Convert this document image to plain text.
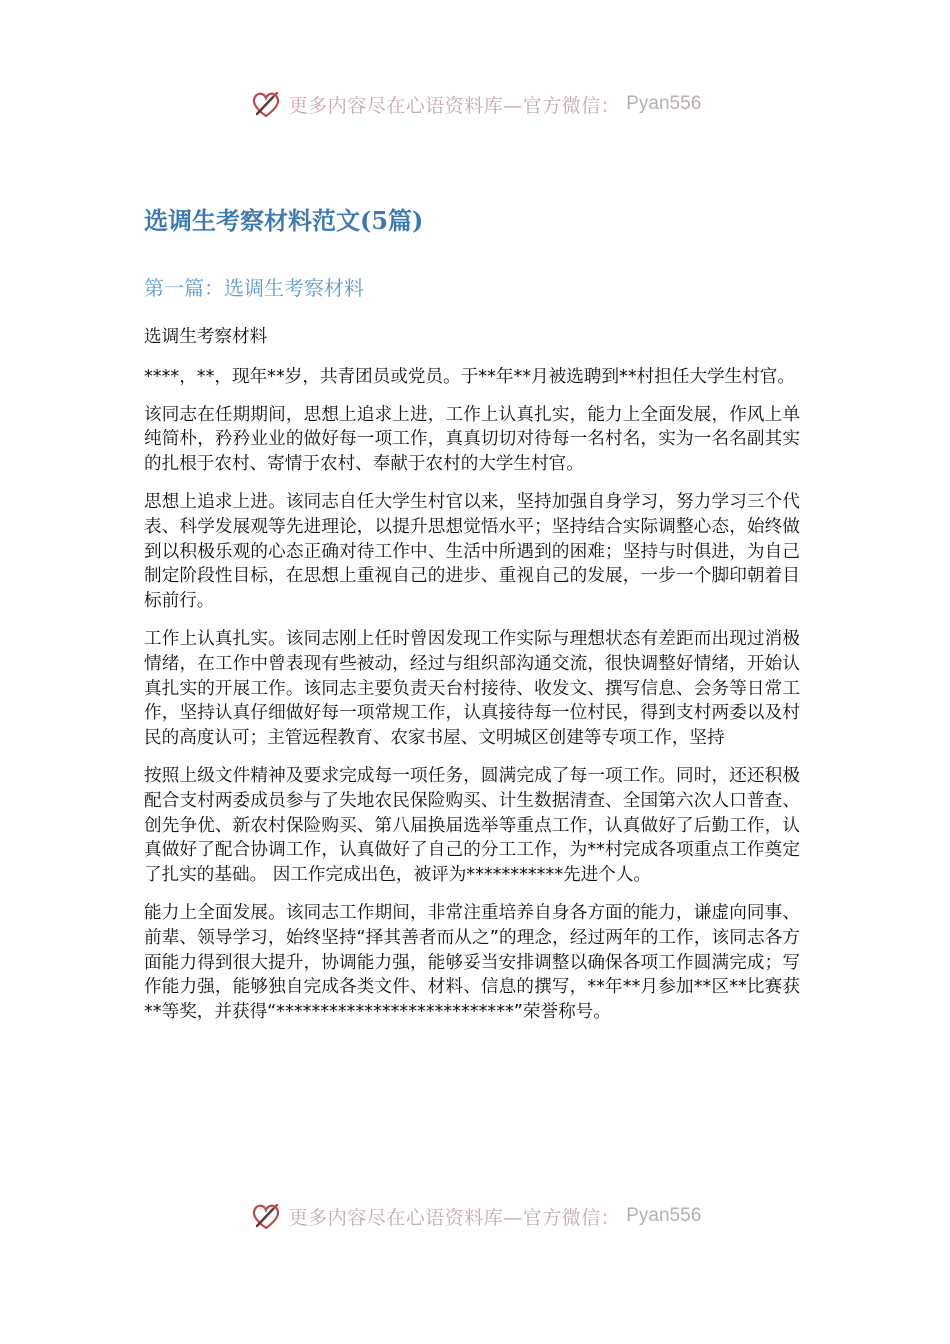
更多内容尽在心语资料库—官方微信： Pyan556
选调生考察材料范文(5篇)
第一篇：选调生考察材料

选调生考察材料

****，**，现年**岁，共青团员或党员。于**年**月被选聘到**村担任大学生村官。

该同志在任期期间，思想上追求上进，工作上认真扎实，能力上全面发展，作风上单纯简朴，矜矜业业的做好每一项工作，真真切切对待每一名村名，实为一名名副其实的扎根于农村、寄情于农村、奉献于农村的大学生村官。

思想上追求上进。该同志自任大学生村官以来，坚持加强自身学习，努力学习三个代表、科学发展观等先进理论，以提升思想觉悟水平；坚持结合实际调整心态，始终做到以积极乐观的心态正确对待工作中、生活中所遇到的困难；坚持与时俱进，为自己制定阶段性目标，在思想上重视自己的进步、重视自己的发展，一步一个脚印朝着目标前行。

工作上认真扎实。该同志刚上任时曾因发现工作实际与理想状态有差距而出现过消极情绪，在工作中曾表现有些被动，经过与组织部沟通交流，很快调整好情绪，开始认真扎实的开展工作。该同志主要负责天台村接待、收发文、撰写信息、会务等日常工作，坚持认真仔细做好每一项常规工作，认真接待每一位村民，得到支村两委以及村民的高度认可；主管远程教育、农家书屋、文明城区创建等专项工作，坚持

按照上级文件精神及要求完成每一项任务，圆满完成了每一项工作。同时，还还积极配合支村两委成员参与了失地农民保险购买、计生数据清查、全国第六次人口普查、创先争优、新农村保险购买、第八届换届选举等重点工作，认真做好了后勤工作，认真做好了配合协调工作，认真做好了自己的分工工作，为**村完成各项重点工作奠定了扎实的基础。 因工作完成出色，被评为***********先进个人。

能力上全面发展。该同志工作期间，非常注重培养自身各方面的能力，谦虚向同事、前辈、领导学习，始终坚持“择其善者而从之”的理念，经过两年的工作，该同志各方面能力得到很大提升，协调能力强，能够妥当安排调整以确保各项工作圆满完成；写作能力强，能够独自完成各类文件、材料、信息的撰写，**年**月参加**区**比赛获**等奖，并获得“***************************”荣誉称号。

更多内容尽在心语资料库—官方微信： Pyan556
